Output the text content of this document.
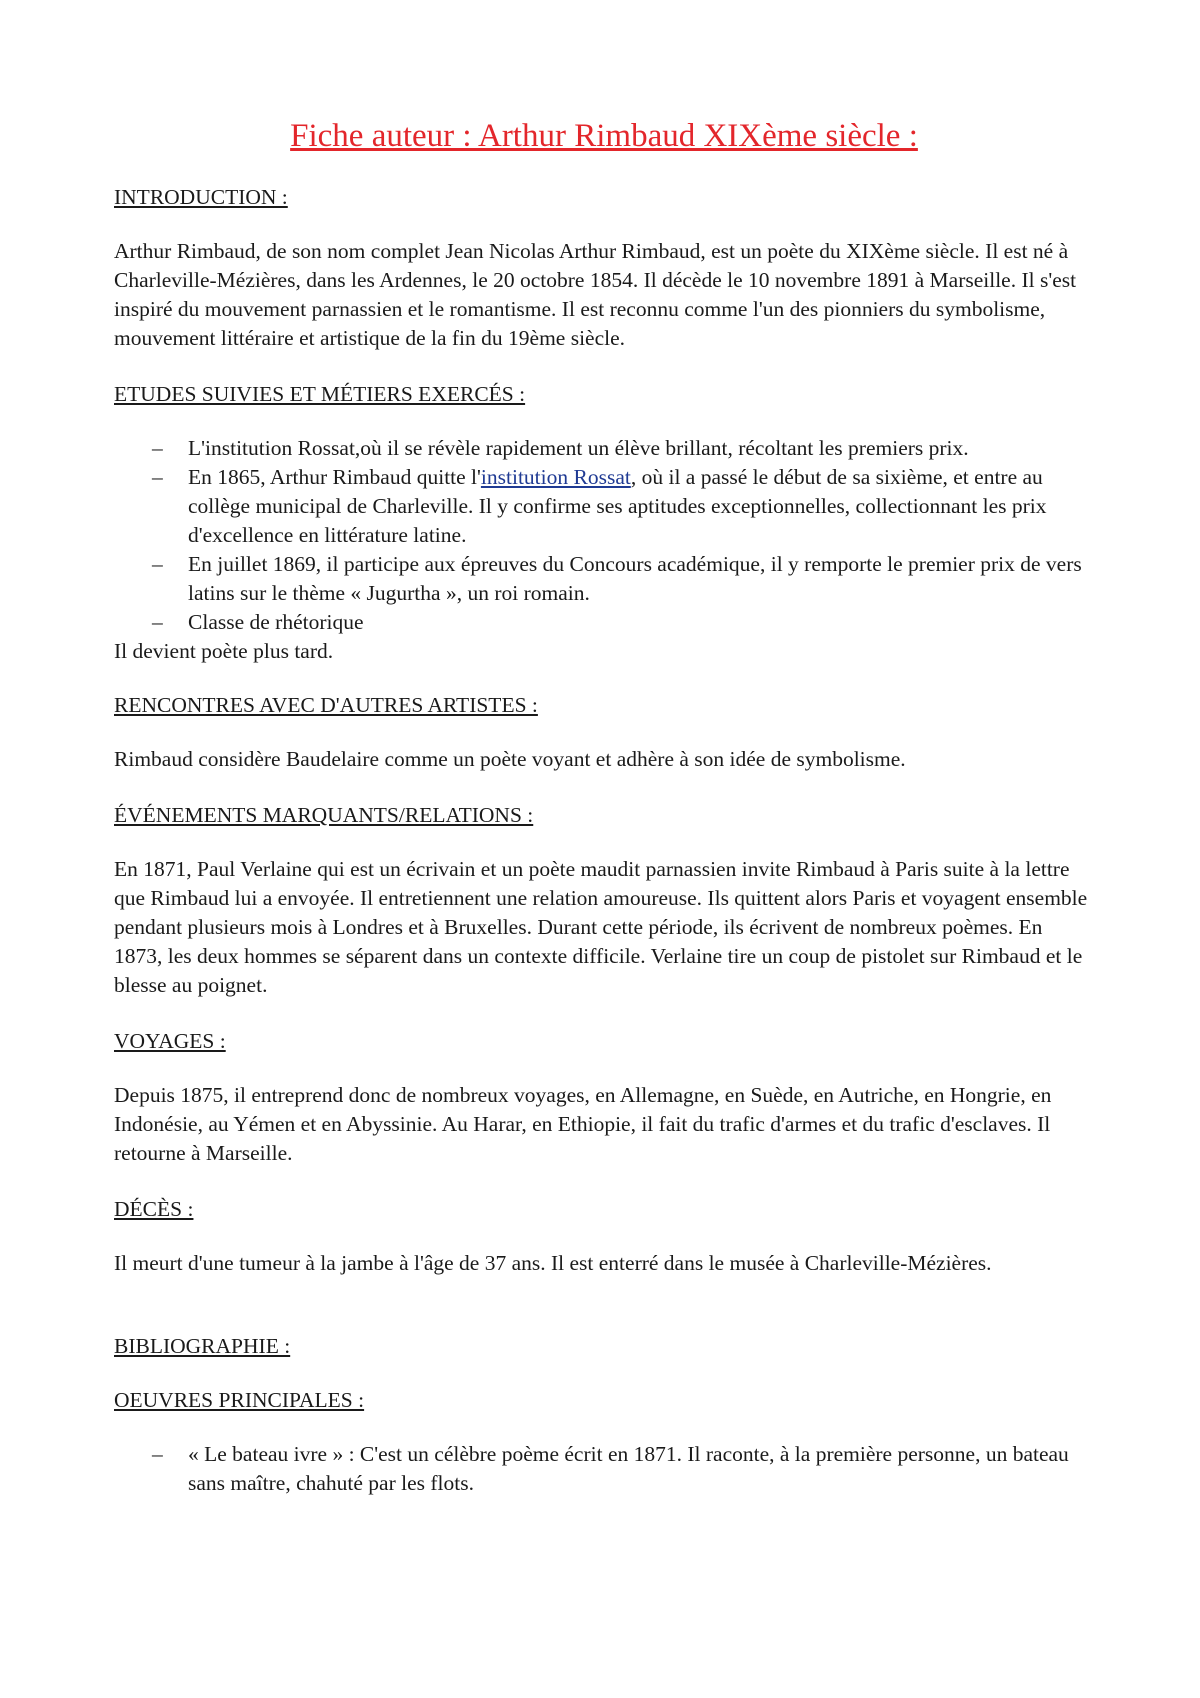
Fiche auteur : Arthur Rimbaud XIXème siècle :
INTRODUCTION :
Arthur Rimbaud, de son nom complet Jean Nicolas Arthur Rimbaud, est un poète du XIXème siècle. Il est né à Charleville-Mézières, dans les Ardennes, le 20 octobre 1854. Il décède le 10 novembre 1891 à Marseille. Il s'est inspiré du mouvement parnassien et le romantisme. Il est reconnu comme l'un des pionniers du symbolisme, mouvement littéraire et artistique de la fin du 19ème siècle.
ETUDES SUIVIES ET MÉTIERS EXERCÉS :
– L'institution Rossat,où il se révèle rapidement un élève brillant, récoltant les premiers prix.
– En 1865, Arthur Rimbaud quitte l'institution Rossat, où il a passé le début de sa sixième, et entre au collège municipal de Charleville. Il y confirme ses aptitudes exceptionnelles, collectionnant les prix d'excellence en littérature latine.
– En juillet 1869, il participe aux épreuves du Concours académique, il y remporte le premier prix de vers latins sur le thème « Jugurtha », un roi romain.
– Classe de rhétorique
Il devient poète plus tard.
RENCONTRES AVEC D'AUTRES ARTISTES :
Rimbaud considère Baudelaire comme un poète voyant et adhère à son idée de symbolisme.
ÉVÉNEMENTS MARQUANTS/RELATIONS :
En 1871, Paul Verlaine qui est un écrivain et un poète maudit parnassien invite Rimbaud à Paris suite à la lettre que Rimbaud lui a envoyée. Il entretiennent une relation amoureuse. Ils quittent alors Paris et voyagent ensemble pendant plusieurs mois à Londres et à Bruxelles. Durant cette période, ils écrivent de nombreux poèmes. En 1873, les deux hommes se séparent dans un contexte difficile. Verlaine tire un coup de pistolet sur Rimbaud et le blesse au poignet.
VOYAGES :
Depuis 1875, il entreprend donc de nombreux voyages, en Allemagne, en Suède, en Autriche, en Hongrie, en Indonésie, au Yémen et en Abyssinie. Au Harar, en Ethiopie, il fait du trafic d'armes et du trafic d'esclaves. Il retourne à Marseille.
DÉCÈS :
Il meurt d'une tumeur à la jambe à l'âge de 37 ans. Il est enterré dans le musée à Charleville-Mézières.
BIBLIOGRAPHIE :
OEUVRES PRINCIPALES :
– « Le bateau ivre » : C'est un célèbre poème écrit en 1871. Il raconte, à la première personne, un bateau sans maître, chahuté par les flots.
